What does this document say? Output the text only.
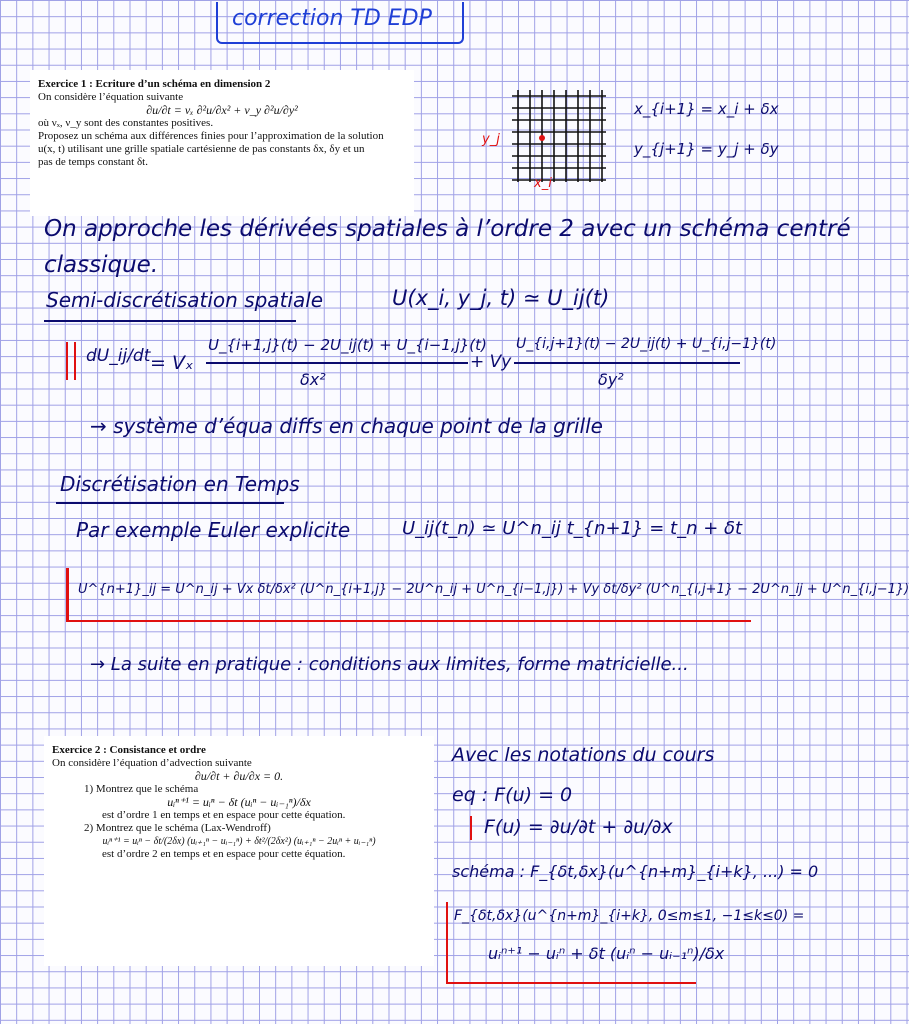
correction TD EDP

Exercice 1 : Ecriture d’un schéma en dimension 2

On considère l’équation suivante

∂u/∂t = νₓ ∂²u/∂x² + ν_y ∂²u/∂y²

où νₓ, ν_y sont des constantes positives.

Proposez un schéma aux différences finies pour l’approximation de la solution

u(x, t) utilisant une grille spatiale cartésienne de pas constants δx, δy et un

pas de temps constant δt.

y_j
x_i
x_{i+1} = x_i + δx
y_{j+1} = y_j + δy
On approche les dérivées spatiales à l’ordre 2 avec un schéma centré
classique.
Semi-discrétisation spatiale	U(x_i, y_j, t) ≃ U_ij(t)
dU_ij/dt = Vₓ
U_{i+1,j}(t) − 2U_ij(t) + U_{i−1,j}(t)
δx²
+ Vy
U_{i,j+1}(t) − 2U_ij(t) + U_{i,j−1}(t)
δy²
→ système d’équa diffs en chaque point de la grille
Discrétisation en Temps
Par exemple Euler explicite	U_ij(t_n) ≃ U^n_ij t_{n+1} = t_n + δt
U^{n+1}_ij = U^n_ij + Vx δt/δx² (U^n_{i+1,j} − 2U^n_ij + U^n_{i−1,j}) + Vy δt/δy² (U^n_{i,j+1} − 2U^n_ij + U^n_{i,j−1})
→ La suite en pratique : conditions aux limites, forme matricielle...

Exercice 2 : Consistance et ordre

On considère l’équation d’advection suivante

∂u/∂t + ∂u/∂x = 0.

1) Montrez que le schéma

uᵢⁿ⁺¹ = uᵢⁿ − δt (uᵢⁿ − uᵢ₋₁ⁿ)/δx

est d’ordre 1 en temps et en espace pour cette équation.

2) Montrez que le schéma (Lax-Wendroff)

uᵢⁿ⁺¹ = uᵢⁿ − δt/(2δx) (uᵢ₊₁ⁿ − uᵢ₋₁ⁿ) + δt²/(2δx²) (uᵢ₊₁ⁿ − 2uᵢⁿ + uᵢ₋₁ⁿ)

est d’ordre 2 en temps et en espace pour cette équation.

Avec les notations du cours
eq : F(u) = 0
F(u) = ∂u/∂t + ∂u/∂x
schéma : F_{δt,δx}(u^{n+m}_{i+k}, ...) = 0
F_{δt,δx}(u^{n+m}_{i+k}, 0≤m≤1, −1≤k≤0) =
uᵢⁿ⁺¹ − uᵢⁿ + δt (uᵢⁿ − uᵢ₋₁ⁿ)/δx
